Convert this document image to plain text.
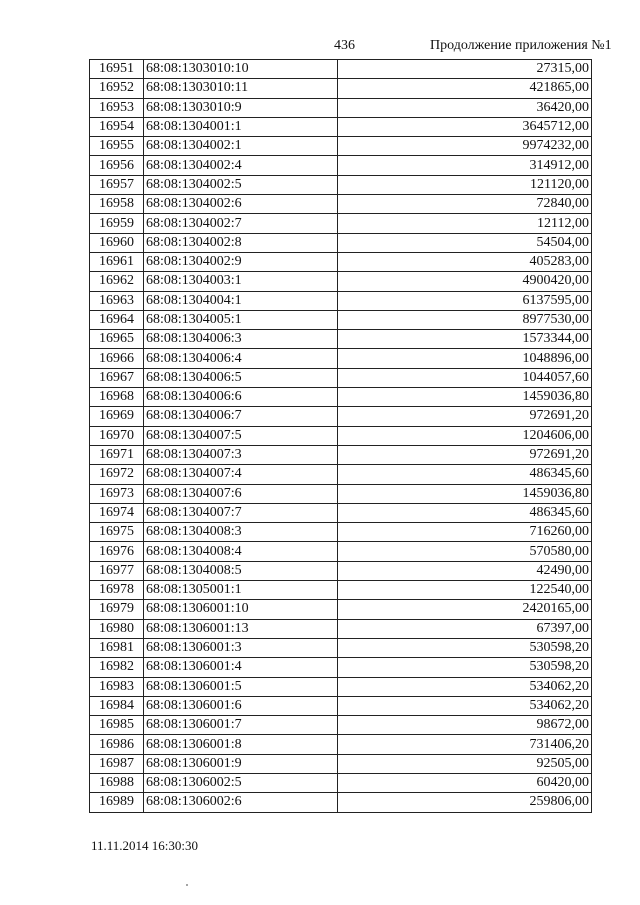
436	Продолжение приложения №1
16951	68:08:1303010:10	27315,00
16952	68:08:1303010:11	421865,00
16953	68:08:1303010:9	36420,00
16954	68:08:1304001:1	3645712,00
16955	68:08:1304002:1	9974232,00
16956	68:08:1304002:4	314912,00
16957	68:08:1304002:5	121120,00
16958	68:08:1304002:6	72840,00
16959	68:08:1304002:7	12112,00
16960	68:08:1304002:8	54504,00
16961	68:08:1304002:9	405283,00
16962	68:08:1304003:1	4900420,00
16963	68:08:1304004:1	6137595,00
16964	68:08:1304005:1	8977530,00
16965	68:08:1304006:3	1573344,00
16966	68:08:1304006:4	1048896,00
16967	68:08:1304006:5	1044057,60
16968	68:08:1304006:6	1459036,80
16969	68:08:1304006:7	972691,20
16970	68:08:1304007:5	1204606,00
16971	68:08:1304007:3	972691,20
16972	68:08:1304007:4	486345,60
16973	68:08:1304007:6	1459036,80
16974	68:08:1304007:7	486345,60
16975	68:08:1304008:3	716260,00
16976	68:08:1304008:4	570580,00
16977	68:08:1304008:5	42490,00
16978	68:08:1305001:1	122540,00
16979	68:08:1306001:10	2420165,00
16980	68:08:1306001:13	67397,00
16981	68:08:1306001:3	530598,20
16982	68:08:1306001:4	530598,20
16983	68:08:1306001:5	534062,20
16984	68:08:1306001:6	534062,20
16985	68:08:1306001:7	98672,00
16986	68:08:1306001:8	731406,20
16987	68:08:1306001:9	92505,00
16988	68:08:1306002:5	60420,00
16989	68:08:1306002:6	259806,00
11.11.2014 16:30:30
